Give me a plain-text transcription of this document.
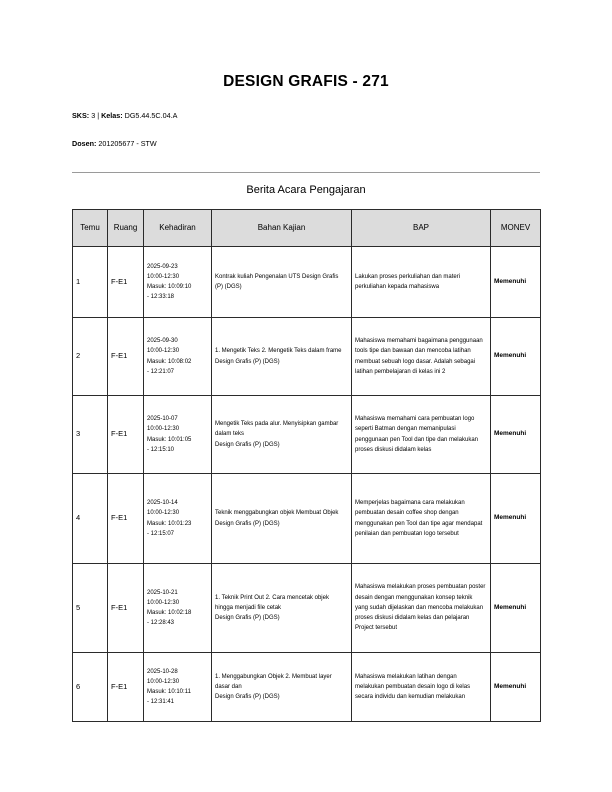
DESIGN GRAFIS - 271
SKS: 3 | Kelas: DG5.44.5C.04.A
Dosen: 201205677 - STW
Berita Acara Pengajaran
Temu	Ruang	Kehadiran	Bahan Kajian	BAP	MONEV
1	F-E1	2025-09-23
10:00-12:30
Masuk: 10:09:10
- 12:33:18	Kontrak kuliah Pengenalan UTS Design Grafis (P) (DGS)	Lakukan proses perkuliahan dan materi perkuliahan kepada mahasiswa	Memenuhi
2	F-E1	2025-09-30
10:00-12:30
Masuk: 10:08:02
- 12:21:07	1. Mengetik Teks 2. Mengetik Teks dalam frame
Design Grafis (P) (DGS)	Mahasiswa memahami bagaimana penggunaan tools tipe dan bawaan dan mencoba latihan membuat sebuah logo dasar. Adalah sebagai latihan pembelajaran di kelas ini 2	Memenuhi
3	F-E1	2025-10-07
10:00-12:30
Masuk: 10:01:05
- 12:15:10	Mengetik Teks pada alur. Menyisipkan gambar dalam teks
Design Grafis (P) (DGS)	Mahasiswa memahami cara pembuatan logo seperti Batman dengan memanipulasi penggunaan pen Tool dan tipe dan melakukan proses diskusi didalam kelas	Memenuhi
4	F-E1	2025-10-14
10:00-12:30
Masuk: 10:01:23
- 12:15:07	Teknik menggabungkan objek Membuat Objek
Design Grafis (P) (DGS)	Memperjelas bagaimana cara melakukan pembuatan desain coffee shop dengan menggunakan pen Tool dan tipe agar mendapat penilaian dan pembuatan logo tersebut	Memenuhi
5	F-E1	2025-10-21
10:00-12:30
Masuk: 10:02:18
- 12:28:43	1. Teknik Print Out 2. Cara mencetak objek hingga menjadi file cetak
Design Grafis (P) (DGS)	Mahasiswa melakukan proses pembuatan poster desain dengan menggunakan konsep teknik yang sudah dijelaskan dan mencoba melakukan proses diskusi didalam kelas dan pelajaran Project tersebut	Memenuhi
6	F-E1	2025-10-28
10:00-12:30
Masuk: 10:10:11
- 12:31:41	1. Menggabungkan Objek 2. Membuat layer dasar dan
Design Grafis (P) (DGS)	Mahasiswa melakukan latihan dengan melakukan pembuatan desain logo di kelas secara individu dan kemudian melakukan	Memenuhi
